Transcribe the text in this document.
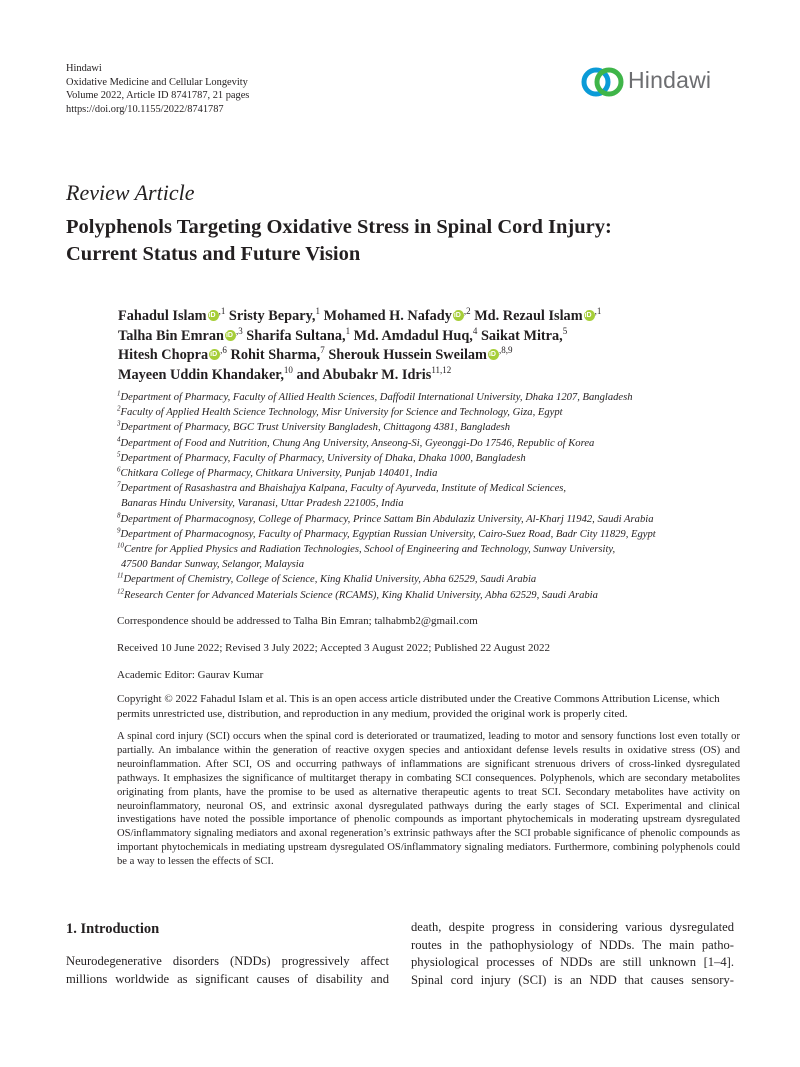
Hindawi
Oxidative Medicine and Cellular Longevity
Volume 2022, Article ID 8741787, 21 pages
https://doi.org/10.1155/2022/8741787
Hindawi
Review Article
Polyphenols Targeting Oxidative Stress in Spinal Cord Injury:
Current Status and Future Vision
Fahadul Islam iD $^{,1}$ Sristy Bepary,$^1$ Mohamed H. Nafady iD $^{,2}$ Md. Rezaul Islam iD $^{,1}$
Talha Bin Emran iD $^{,3}$ Sharifa Sultana,$^1$ Md. Amdadul Huq,$^4$ Saikat Mitra,$^5$
Hitesh Chopra iD $^{,6}$ Rohit Sharma,$^7$ Sherouk Hussein Sweilam iD $^{,8,9}$
Mayeen Uddin Khandaker,$^{10}$ and Abubakr M. Idris$^{11,12}$
$^1$Department of Pharmacy, Faculty of Allied Health Sciences, Daffodil International University, Dhaka 1207, Bangladesh
$^2$Faculty of Applied Health Science Technology, Misr University for Science and Technology, Giza, Egypt
$^3$Department of Pharmacy, BGC Trust University Bangladesh, Chittagong 4381, Bangladesh
$^4$Department of Food and Nutrition, Chung Ang University, Anseong-Si, Gyeonggi-Do 17546, Republic of Korea
$^5$Department of Pharmacy, Faculty of Pharmacy, University of Dhaka, Dhaka 1000, Bangladesh
$^6$Chitkara College of Pharmacy, Chitkara University, Punjab 140401, India
$^7$Department of Rasashastra and Bhaishajya Kalpana, Faculty of Ayurveda, Institute of Medical Sciences,
Banaras Hindu University, Varanasi, Uttar Pradesh 221005, India
$^8$Department of Pharmacognosy, College of Pharmacy, Prince Sattam Bin Abdulaziz University, Al-Kharj 11942, Saudi Arabia
$^9$Department of Pharmacognosy, Faculty of Pharmacy, Egyptian Russian University, Cairo-Suez Road, Badr City 11829, Egypt
$^{10}$Centre for Applied Physics and Radiation Technologies, School of Engineering and Technology, Sunway University,
47500 Bandar Sunway, Selangor, Malaysia
$^{11}$Department of Chemistry, College of Science, King Khalid University, Abha 62529, Saudi Arabia
$^{12}$Research Center for Advanced Materials Science (RCAMS), King Khalid University, Abha 62529, Saudi Arabia
Correspondence should be addressed to Talha Bin Emran; talhabmb2@gmail.com
Received 10 June 2022; Revised 3 July 2022; Accepted 3 August 2022; Published 22 August 2022
Academic Editor: Gaurav Kumar
Copyright © 2022 Fahadul Islam et al. This is an open access article distributed under the Creative Commons Attribution License, which permits unrestricted use, distribution, and reproduction in any medium, provided the original work is properly cited.
A spinal cord injury (SCI) occurs when the spinal cord is deteriorated or traumatized, leading to motor and sensory functions lost even totally or partially. An imbalance within the generation of reactive oxygen species and antioxidant defense levels results in oxidative stress (OS) and neuroinflammation. After SCI, OS and occurring pathways of inflammations are significant strenuous drivers of cross-linked dysregulated pathways. It emphasizes the significance of multitarget therapy in combating SCI consequences. Polyphenols, which are secondary metabolites originating from plants, have the promise to be used as alternative therapeutic agents to treat SCI. Secondary metabolites have activity on neuroinflammatory, neuronal OS, and extrinsic axonal dysregulated pathways during the early stages of SCI. Experimental and clinical investigations have noted the possible importance of phenolic compounds as important phytochemicals in moderating upstream dysregulated OS/inflammatory signaling mediators and axonal regeneration’s extrinsic pathways after the SCI probable significance of phenolic compounds as important phytochemicals in mediating upstream dysregulated OS/inflammatory signaling mediators. Furthermore, combining polyphenols could be a way to lessen the effects of SCI.
1. Introduction
Neurodegenerative disorders (NDDs) progressively affect
millions worldwide as significant causes of disability and
death, despite progress in considering various dysregulated
routes in the pathophysiology of NDDs. The main patho-
physiological processes of NDDs are still unknown [1–4].
Spinal cord injury (SCI) is an NDD that causes sensory-
